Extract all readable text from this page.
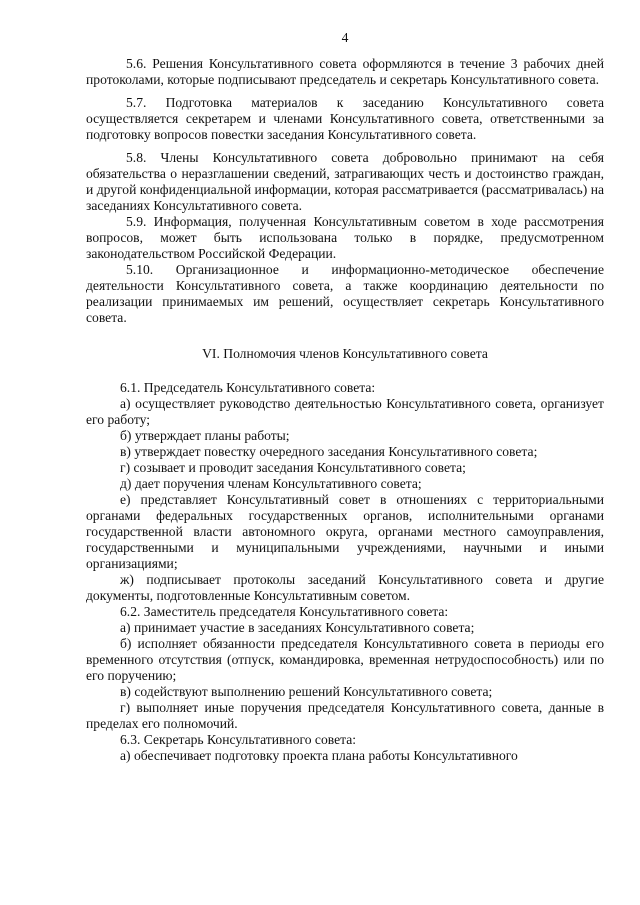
4

5.6. Решения Консультативного совета оформляются в течение 3 рабочих дней протоколами, которые подписывают председатель и секретарь Консультативного совета.

5.7. Подготовка материалов к заседанию Консультативного совета осуществляется секретарем и членами Консультативного совета, ответственными за подготовку вопросов повестки заседания Консультативного совета.

5.8. Члены Консультативного совета добровольно принимают на себя обязательства о неразглашении сведений, затрагивающих честь и достоинство граждан, и другой конфиденциальной информации, которая рассматривается (рассматривалась) на заседаниях Консультативного совета.

5.9. Информация, полученная Консультативным советом в ходе рассмотрения вопросов, может быть использована только в порядке, предусмотренном законодательством Российской Федерации.

5.10. Организационное и информационно-методическое обеспечение деятельности Консультативного совета, а также координацию деятельности по реализации принимаемых им решений, осуществляет секретарь Консультативного совета.

VI. Полномочия членов Консультативного совета

6.1. Председатель Консультативного совета:

а) осуществляет руководство деятельностью Консультативного совета, организует его работу;

б) утверждает планы работы;

в) утверждает повестку очередного заседания Консультативного совета;

г) созывает и проводит заседания Консультативного совета;

д) дает поручения членам Консультативного совета;

е) представляет Консультативный совет в отношениях с территориальными органами федеральных государственных органов, исполнительными органами государственной власти автономного округа, органами местного самоуправления, государственными и муниципальными учреждениями, научными и иными организациями;

ж) подписывает протоколы заседаний Консультативного совета и другие документы, подготовленные Консультативным советом.

6.2. Заместитель председателя Консультативного совета:

а) принимает участие в заседаниях Консультативного совета;

б) исполняет обязанности председателя Консультативного совета в периоды его временного отсутствия (отпуск, командировка, временная нетрудоспособность) или по его поручению;

в) содействуют выполнению решений Консультативного совета;

г) выполняет иные поручения председателя Консультативного совета, данные в пределах его полномочий.

6.3. Секретарь Консультативного совета:

а) обеспечивает подготовку проекта плана работы Консультативного
